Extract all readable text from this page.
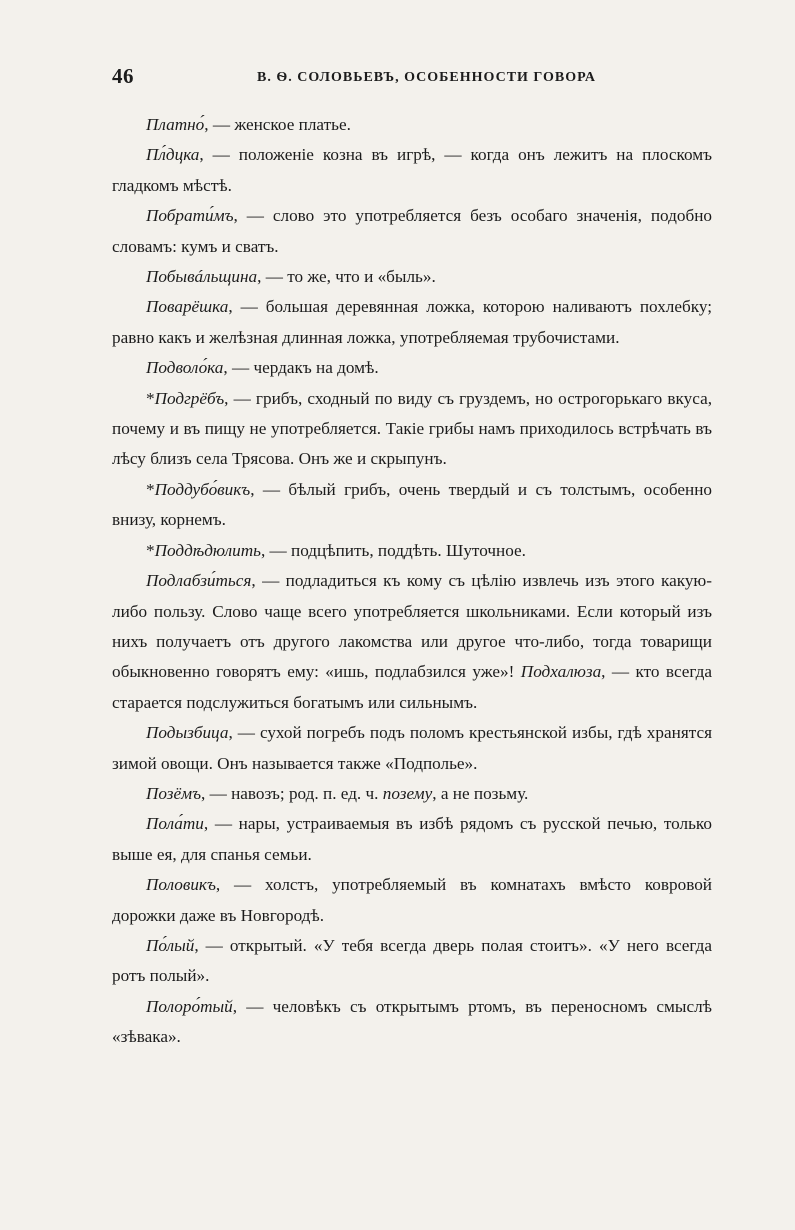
46	В. Ѳ. СОЛОВЬЕВЪ, ОСОБЕННОСТИ ГОВОРА

Платно́, — женское платье.

Пл́дцка, — положеніе козна въ игрѣ, — когда онъ лежитъ на плоскомъ гладкомъ мѣстѣ.

Побрати́мъ, — слово это употребляется безъ особаго значенія, подобно словамъ: кумъ и сватъ.

Побывáльщина, — то же, что и «быль».

Поварёшка, — большая деревянная ложка, которою наливаютъ похлебку; равно какъ и желѣзная длинная ложка, употребляемая трубочистами.

Подволо́ка, — чердакъ на домѣ.

*Подгрёбъ, — грибъ, сходный по виду съ груздемъ, но острогорькаго вкуса, почему и въ пищу не употребляется. Такіе грибы намъ приходилось встрѣчать въ лѣсу близъ села Трясова. Онъ же и скрыпунъ.

*Поддубо́викъ, — бѣлый грибъ, очень твердый и съ толстымъ, особенно внизу, корнемъ.

*Поддѣдюлить, — подцѣпить, поддѣть. Шуточное.

Подлабзи́ться, — подладиться къ кому съ цѣлію извлечь изъ этого какую-либо пользу. Слово чаще всего употребляется школьниками. Если который изъ нихъ получаетъ отъ другого лакомства или другое что-либо, тогда товарищи обыкновенно говорятъ ему: «ишь, подлабзился уже»! Подхалюза, — кто всегда старается подслужиться богатымъ или сильнымъ.

Подызбица, — сухой погребъ подъ поломъ крестьянской избы, гдѣ хранятся зимой овощи. Онъ называется также «Подполье».

Позёмъ, — навозъ; род. п. ед. ч. позему, а не позьму.

Пола́ти, — нары, устраиваемыя въ избѣ рядомъ съ русской печью, только выше ея, для спанья семьи.

Половикъ, — холстъ, употребляемый въ комнатахъ вмѣсто ковровой дорожки даже въ Новгородѣ.

По́лый, — открытый. «У тебя всегда дверь полая стоитъ». «У него всегда ротъ полый».

Полоро́тый, — человѣкъ съ открытымъ ртомъ, въ переносномъ смыслѣ «зѣвака».
